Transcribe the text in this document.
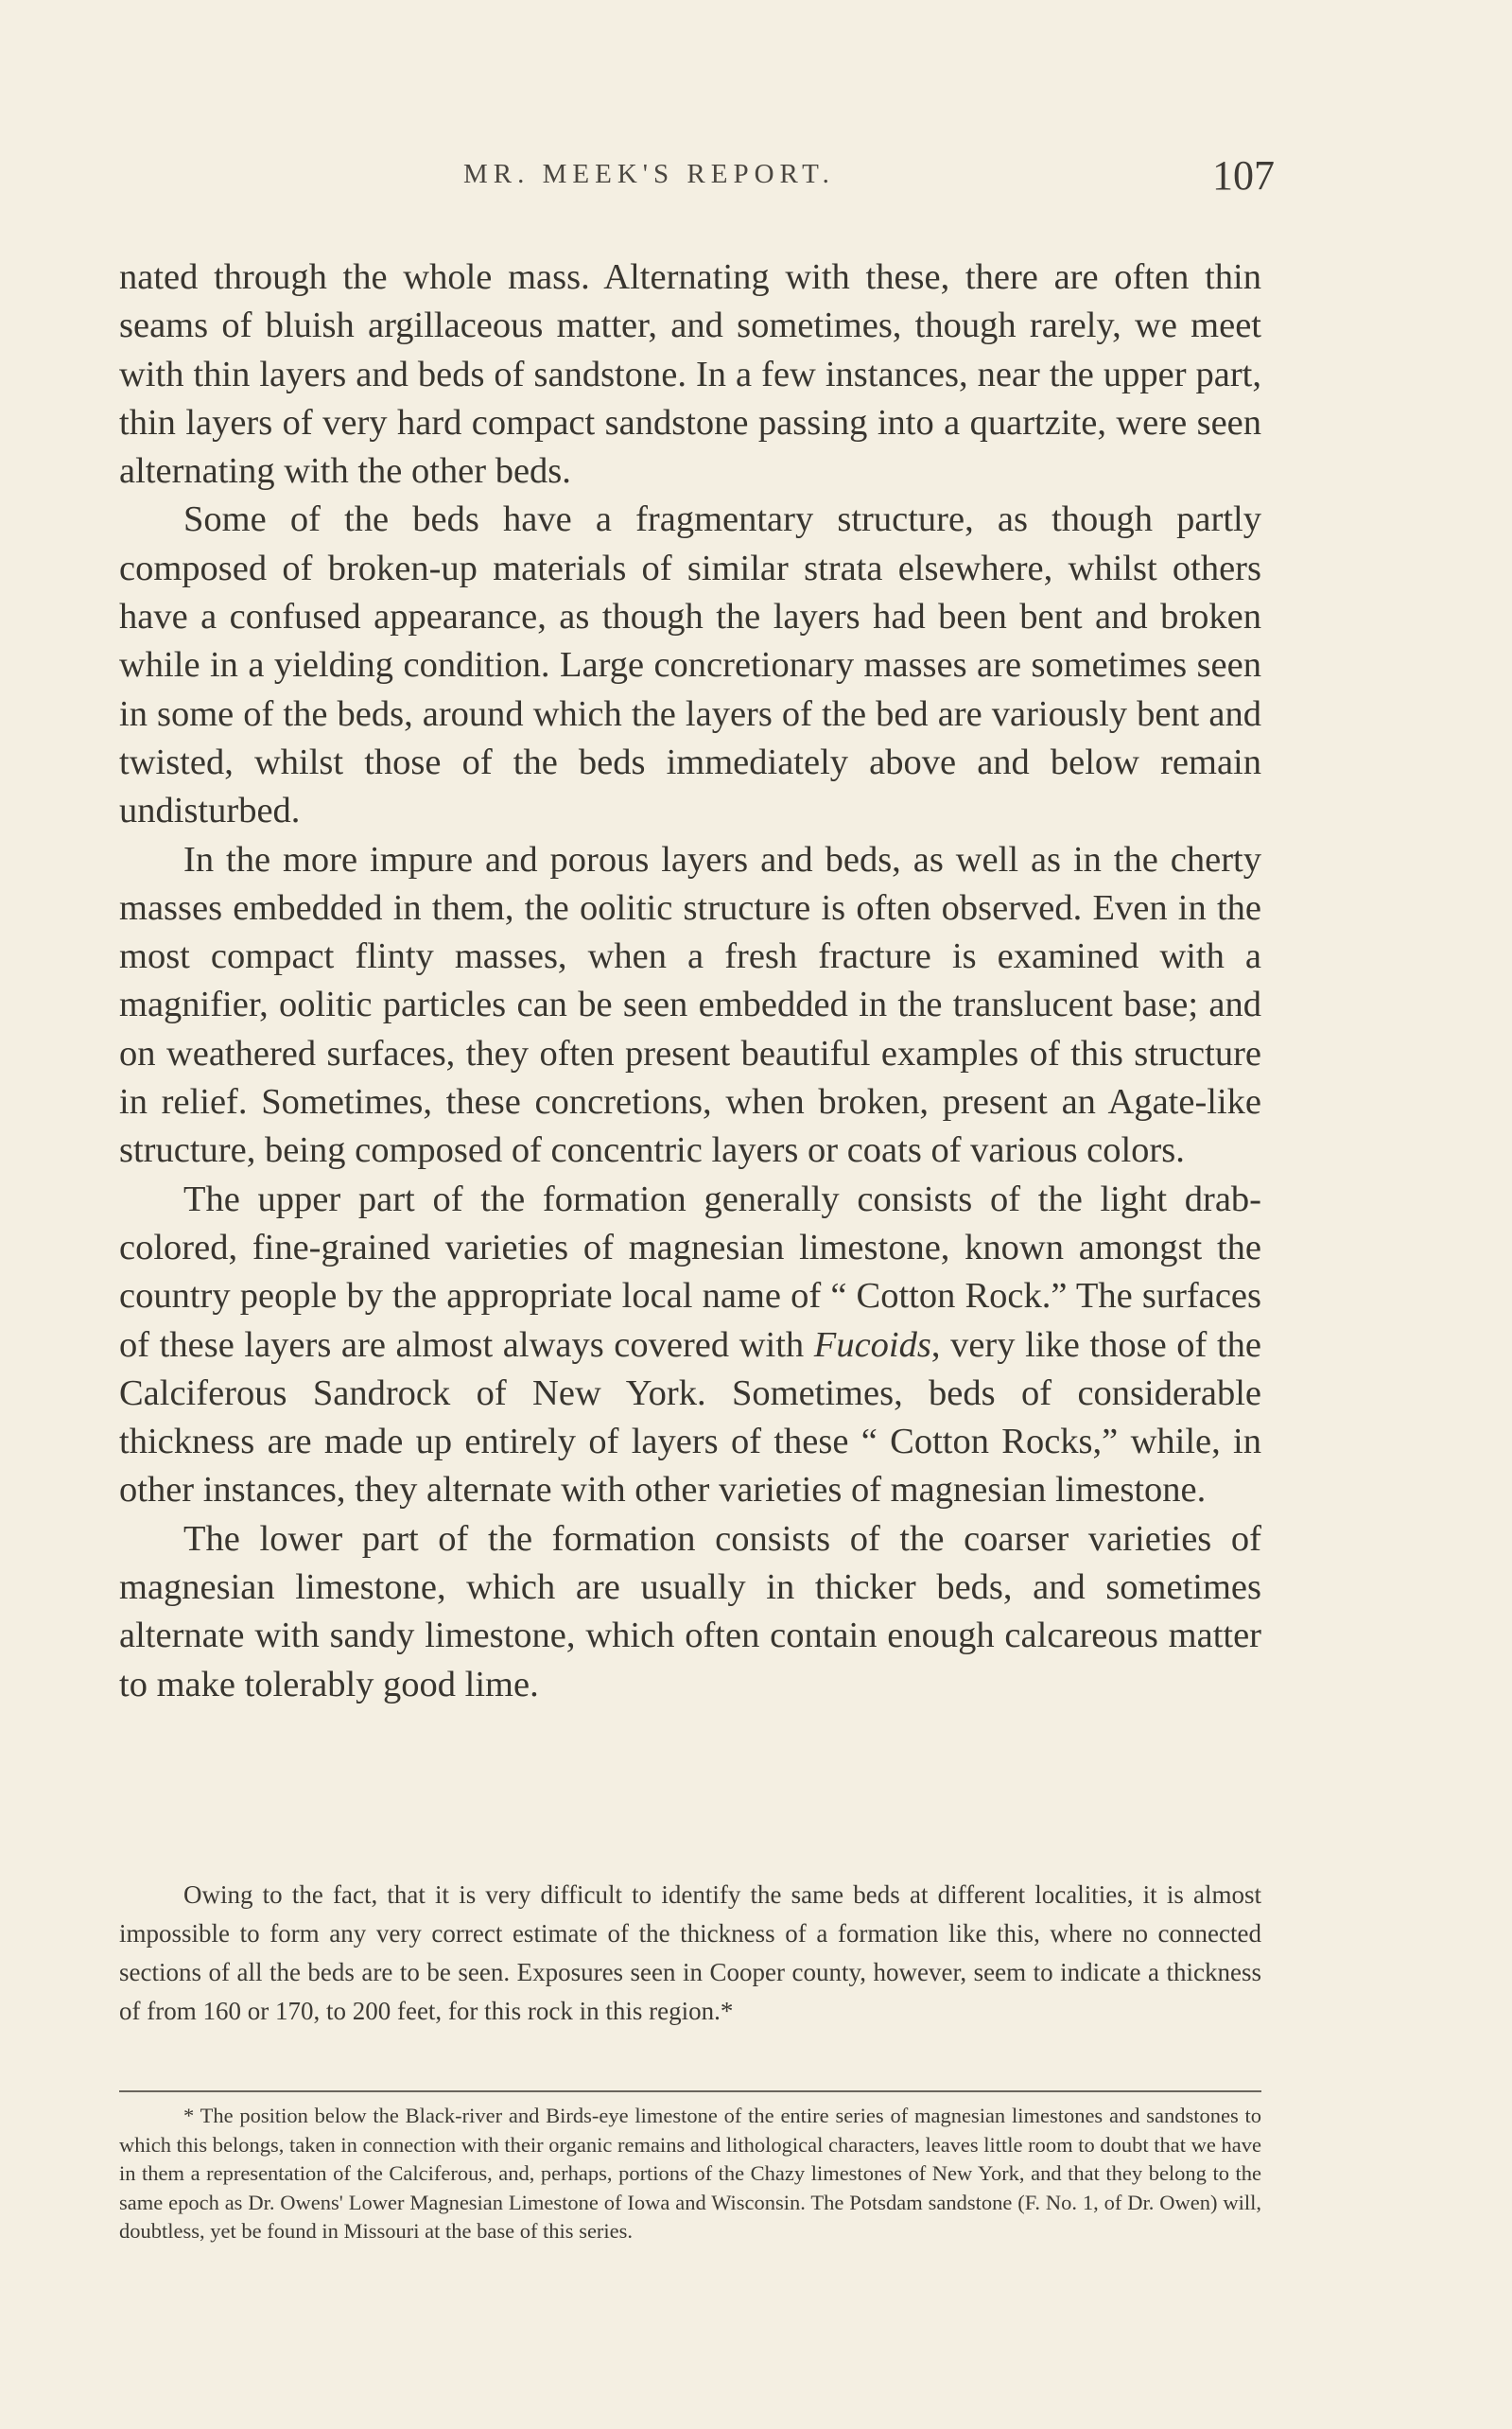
MR. MEEK'S REPORT.	107

nated through the whole mass. Alternating with these, there are often thin seams of bluish argillaceous matter, and sometimes, though rarely, we meet with thin layers and beds of sandstone. In a few instances, near the upper part, thin layers of very hard compact sandstone passing into a quartzite, were seen alternating with the other beds.

Some of the beds have a fragmentary structure, as though partly composed of broken-up materials of similar strata elsewhere, whilst others have a confused appearance, as though the layers had been bent and broken while in a yielding condition. Large concretionary masses are sometimes seen in some of the beds, around which the layers of the bed are variously bent and twisted, whilst those of the beds immediately above and below remain undisturbed.

In the more impure and porous layers and beds, as well as in the cherty masses embedded in them, the oolitic structure is often observed. Even in the most compact flinty masses, when a fresh fracture is examined with a magnifier, oolitic particles can be seen embedded in the translucent base; and on weathered surfaces, they often present beautiful examples of this structure in relief. Sometimes, these concretions, when broken, present an Agate-like structure, being composed of concentric layers or coats of various colors.

The upper part of the formation generally consists of the light drab-colored, fine-grained varieties of magnesian limestone, known amongst the country people by the appropriate local name of “ Cotton Rock.” The surfaces of these layers are almost always covered with Fucoids, very like those of the Calciferous Sandrock of New York. Sometimes, beds of considerable thickness are made up entirely of layers of these “ Cotton Rocks,” while, in other instances, they alternate with other varieties of magnesian limestone.

The lower part of the formation consists of the coarser varieties of magnesian limestone, which are usually in thicker beds, and sometimes alternate with sandy limestone, which often contain enough calcareous matter to make tolerably good lime.

Owing to the fact, that it is very difficult to identify the same beds at different localities, it is almost impossible to form any very correct estimate of the thickness of a formation like this, where no connected sections of all the beds are to be seen. Exposures seen in Cooper county, however, seem to indicate a thickness of from 160 or 170, to 200 feet, for this rock in this region.*

* The position below the Black-river and Birds-eye limestone of the entire series of magnesian limestones and sandstones to which this belongs, taken in connection with their organic remains and lithological characters, leaves little room to doubt that we have in them a representation of the Calciferous, and, perhaps, portions of the Chazy limestones of New York, and that they belong to the same epoch as Dr. Owens' Lower Magnesian Limestone of Iowa and Wisconsin. The Potsdam sandstone (F. No. 1, of Dr. Owen) will, doubtless, yet be found in Missouri at the base of this series.
